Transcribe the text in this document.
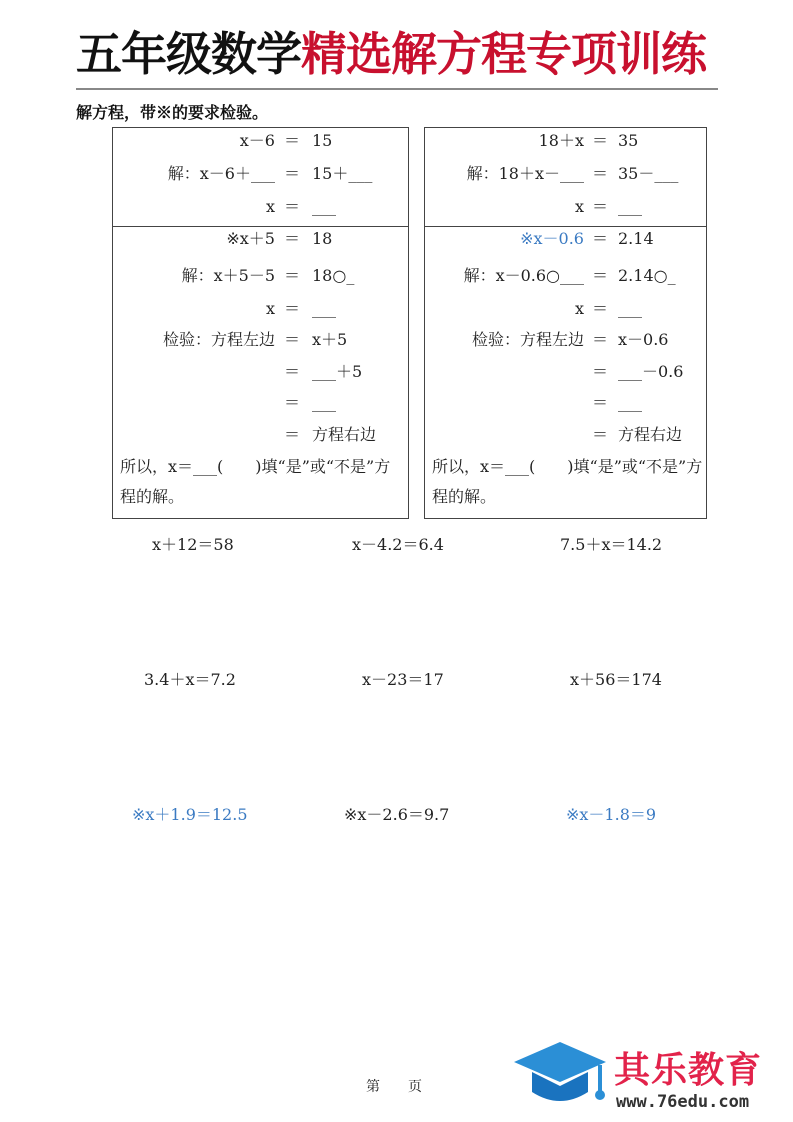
五年级数学精选解方程专项训练
解方程，带※的要求检验。
x－6 ＝ 15
解：x－6＋___ ＝ 15＋___
x ＝ ___
※x＋5 ＝ 18
解：x＋5－5 ＝ 18○_
x ＝ ___
检验：方程左边 ＝ x＋5
＝ ___＋5
＝ ___
＝ 方程右边
所以，x＝___(　　)填“是”或“不是”方程的解。
18＋x ＝ 35
解：18＋x－___ ＝ 35－___
x ＝ ___
※x－0.6 ＝ 2.14
解：x－0.6○___ ＝ 2.14○_
x ＝ ___
检验：方程左边 ＝ x－0.6
＝ ___－0.6
＝ ___
＝ 方程右边
所以，x＝___(　　)填“是”或“不是”方程的解。
x＋12＝58	x－4.2＝6.4	7.5＋x＝14.2
3.4＋x＝7.2	x－23＝17	x＋56＝174
※x＋1.9＝12.5	※x－2.6＝9.7	※x－1.8＝9
第　　页	其乐教育
www.76edu.com
